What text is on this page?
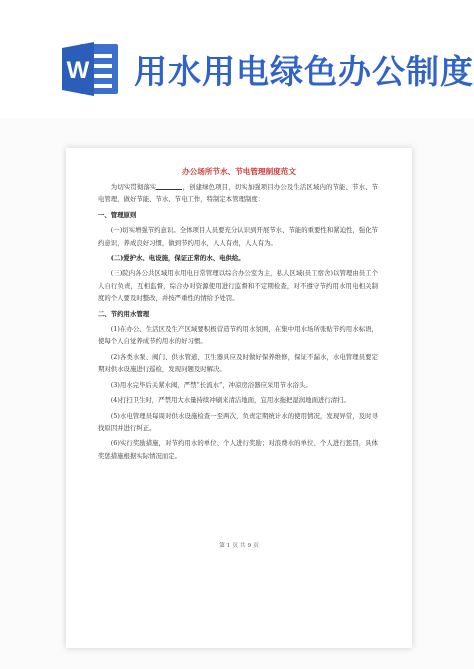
W 用水用电绿色办公制度
办公场所节水、节电管理制度范文

为切实贯彻落实	，创建绿色项目，切实加强项目办公及生活区域内的节能、节水、节电管理，做好节能、节水、节电工作，特制定本管理制度：

一、管理原则

(一)切实增强节约意识。全体项目人员要充分认识到开展节水、节能的重要性和紧迫性，强化节约意识，养成良好习惯，做到节约用水，人人有责，人人有为。

(二)爱护水、电设施，保证正常的水、电供给。

(三)院内各公共区域用水用电日常管理以综合办公室为主，私人区域(员工宿舍)以管理由员工个人自行负责，互相监督，综合办对资源使用进行监督和不定期检查，对不遵守节约用水用电相关制度的个人要及时整改，并按严重性的情给予处罚。

二、节约用水管理

(1)在办公、生活区及生产区域要积极营造节约用水氛围，在集中用水场所张贴节约用水标语，使每个人自觉养成节约用水的好习惯。

(2)各类水泵、阀门、供水管道、卫生器具应及时做好保养维修，保证不漏水，水电管理员要定期对供水设施进行巡检，发现问题及时解决。

(3)用水完毕后关紧水阀，严禁“长流水”，冲凉房浴器应采用节水浴头。

(4)打扫卫生时，严禁用大水量持续冲刷来清洁地面，宜用水拖把湿润地面进行清扫。

(5)水电管理员每周对供水设施检查一至两次，负责定期统计水的使用情况，发现异常，及时寻找原因并进行纠正。

(6)实行奖励措施，对节约用水的单位、个人进行奖励；对浪费水的单位、个人进行惩罚，具体奖惩措施根据实际情况而定。

第 1 页 共 9 页
